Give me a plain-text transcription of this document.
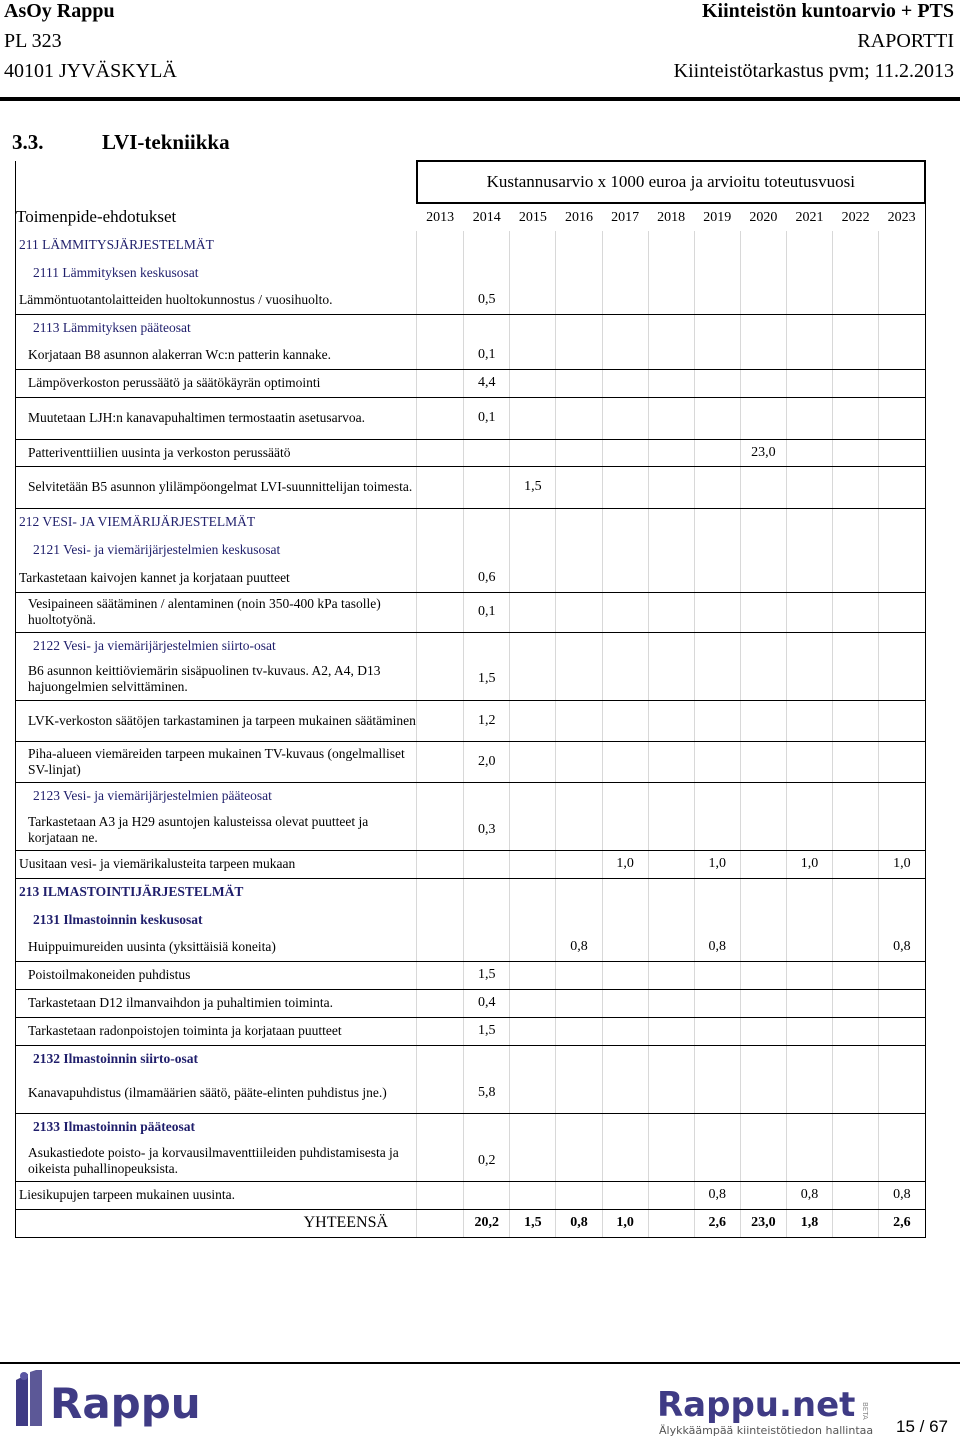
AsOy Rappu
PL 323
40101 JYVÄSKYLÄ
Kiinteistön kuntoarvio + PTS
RAPORTTI
Kiinteistötarkastus pvm; 11.2.2013
3.3.	LVI-tekniikka
	Kustannusarvio x 1000 euroa ja arvioitu toteutusvuosi										
Toimenpide-ehdotukset	2013	2014	2015	2016	2017	2018	2019	2020	2021	2022	2023
211 LÄMMITYSJÄRJESTELMÄT											
2111 Lämmityksen keskusosat											
Lämmöntuotantolaitteiden huoltokunnostus / vuosihuolto.		0,5									
2113 Lämmityksen pääteosat											
Korjataan B8 asunnon alakerran Wc:n patterin kannake.		0,1									
Lämpöverkoston perussäätö ja säätökäyrän optimointi		4,4									
Muutetaan LJH:n kanavapuhaltimen termostaatin asetusarvoa.		0,1									
Patteriventtiilien uusinta ja verkoston perussäätö								23,0			
Selvitetään B5 asunnon ylilämpöongelmat LVI-suunnittelijan toimesta.			1,5								
212 VESI- JA VIEMÄRIJÄRJESTELMÄT											
2121 Vesi- ja viemärijärjestelmien keskusosat											
Tarkastetaan kaivojen kannet ja korjataan puutteet		0,6									
Vesipaineen säätäminen / alentaminen (noin 350-400 kPa tasolle) huoltotyönä.		0,1									
2122 Vesi- ja viemärijärjestelmien siirto-osat											
B6 asunnon keittiöviemärin sisäpuolinen tv-kuvaus. A2, A4, D13 hajuongelmien selvittäminen.		1,5									
LVK-verkoston säätöjen tarkastaminen ja tarpeen mukainen säätäminen		1,2									
Piha-alueen viemäreiden tarpeen mukainen TV-kuvaus (ongelmalliset SV-linjat)		2,0									
2123 Vesi- ja viemärijärjestelmien pääteosat											
Tarkastetaan A3 ja H29 asuntojen kalusteissa olevat puutteet ja korjataan ne.		0,3									
Uusitaan vesi- ja viemärikalusteita tarpeen mukaan					1,0		1,0		1,0		1,0
213 ILMASTOINTIJÄRJESTELMÄT											
2131 Ilmastoinnin keskusosat											
Huippuimureiden uusinta (yksittäisiä koneita)				0,8			0,8				0,8
Poistoilmakoneiden puhdistus		1,5									
Tarkastetaan D12 ilmanvaihdon ja puhaltimien toiminta.		0,4									
Tarkastetaan radonpoistojen toiminta ja korjataan puutteet		1,5									
2132 Ilmastoinnin siirto-osat											
Kanavapuhdistus (ilmamäärien säätö, pääte-elinten puhdistus jne.)		5,8									
2133 Ilmastoinnin pääteosat											
Asukastiedote poisto- ja korvausilmaventtiileiden puhdistamisesta ja oikeista puhallinopeuksista.		0,2									
Liesikupujen tarpeen mukainen uusinta.							0,8		0,8		0,8
YHTEENSÄ		20,2	1,5	0,8	1,0		2,6	23,0	1,8		2,6
Rappu	Rappu.net BETA
Älykkäämpää kiinteistötiedon hallintaa 15 / 67
